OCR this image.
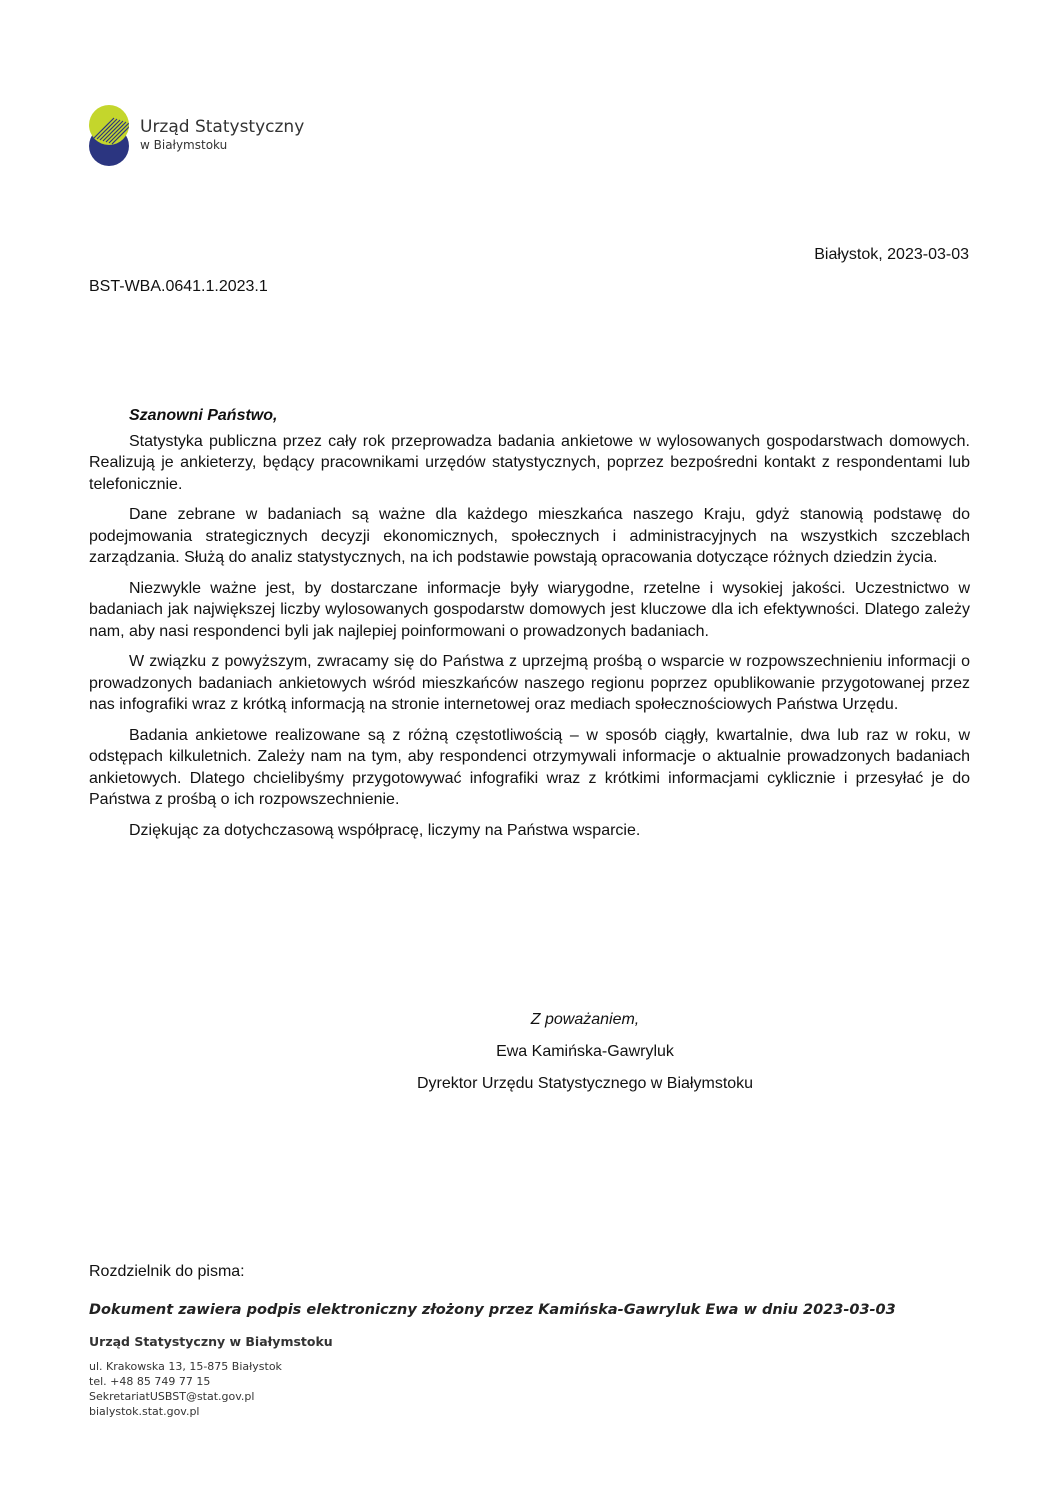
Urząd Statystyczny
w Białymstoku
Białystok, 2023-03-03
BST-WBA.0641.1.2023.1
Szanowni Państwo,

Statystyka publiczna przez cały rok przeprowadza badania ankietowe w wylosowanych gospodarstwach domowych. Realizują je ankieterzy, będący pracownikami urzędów statystycznych, poprzez bezpośredni kontakt z respondentami lub telefonicznie.

Dane zebrane w badaniach są ważne dla każdego mieszkańca naszego Kraju, gdyż stanowią podstawę do podejmowania strategicznych decyzji ekonomicznych, społecznych i administracyjnych na wszystkich szczeblach zarządzania. Służą do analiz statystycznych, na ich podstawie powstają opracowania dotyczące różnych dziedzin życia.

Niezwykle ważne jest, by dostarczane informacje były wiarygodne, rzetelne i wysokiej jakości. Uczestnictwo w badaniach jak największej liczby wylosowanych gospodarstw domowych jest kluczowe dla ich efektywności. Dlatego zależy nam, aby nasi respondenci byli jak najlepiej poinformowani o prowadzonych badaniach.

W związku z powyższym, zwracamy się do Państwa z uprzejmą prośbą o wsparcie w rozpowszechnieniu informacji o prowadzonych badaniach ankietowych wśród mieszkańców naszego regionu poprzez opublikowanie przygotowanej przez nas infografiki wraz z krótką informacją na stronie internetowej oraz mediach społecznościowych Państwa Urzędu.

Badania ankietowe realizowane są z różną częstotliwością – w sposób ciągły, kwartalnie, dwa lub raz w roku, w odstępach kilkuletnich. Zależy nam na tym, aby respondenci otrzymywali informacje o aktualnie prowadzonych badaniach ankietowych. Dlatego chcielibyśmy przygotowywać infografiki wraz z krótkimi informacjami cyklicznie i przesyłać je do Państwa z prośbą o ich rozpowszechnienie.

Dziękując za dotychczasową współpracę, liczymy na Państwa wsparcie.

Z poważaniem,
Ewa Kamińska-Gawryluk
Dyrektor Urzędu Statystycznego w Białymstoku
Rozdzielnik do pisma:
Dokument zawiera podpis elektroniczny złożony przez Kamińska-Gawryluk Ewa w dniu 2023-03-03
Urząd Statystyczny w Białymstoku
ul. Krakowska 13, 15-875 Białystok
tel. +48 85 749 77 15
SekretariatUSBST@stat.gov.pl
bialystok.stat.gov.pl
